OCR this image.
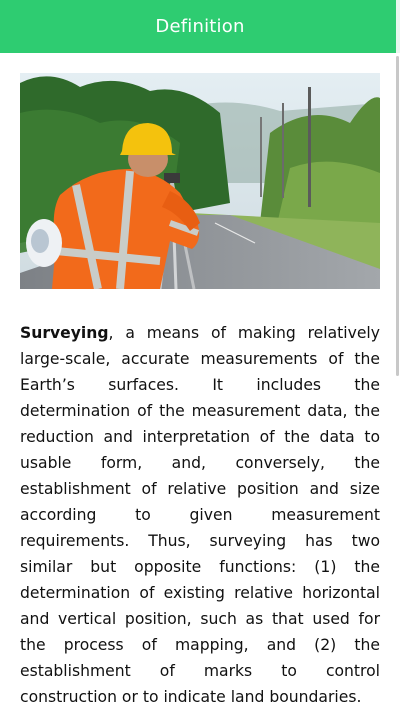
Definition

Surveying, a means of making relatively large-scale, accurate measurements of the Earth’s surfaces. It includes the determination of the measurement data, the reduction and interpretation of the data to usable form, and, conversely, the establishment of relative position and size according to given measurement requirements. Thus, surveying has two similar but opposite functions: (1) the determination of existing relative horizontal and vertical position, such as that used for the process of mapping, and (2) the establishment of marks to control construction or to indicate land boundaries.
